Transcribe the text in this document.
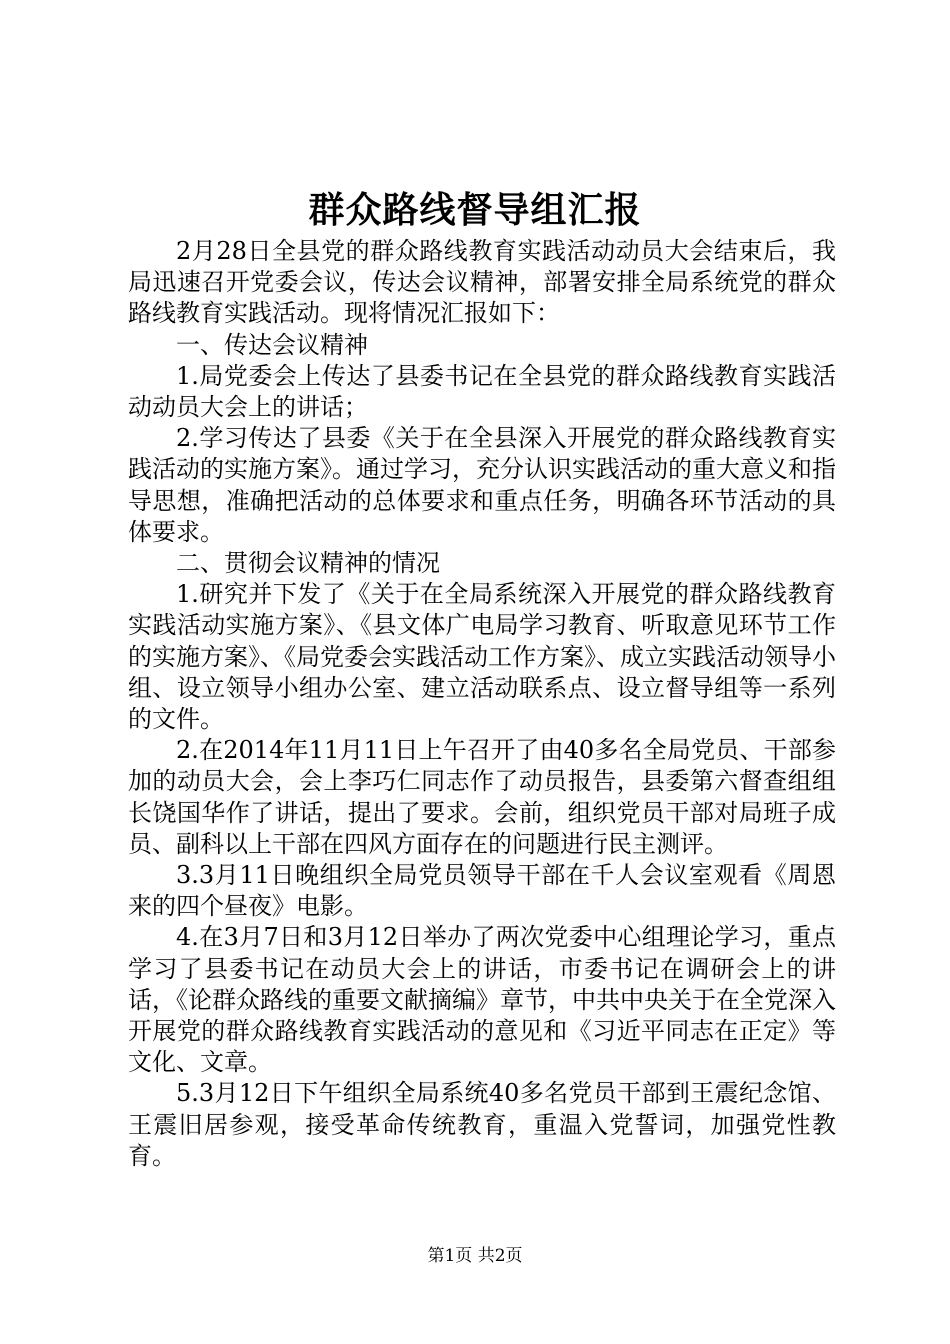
群众路线督导组汇报

2月28日全县党的群众路线教育实践活动动员大会结束后，我局迅速召开党委会议，传达会议精神，部署安排全局系统党的群众路线教育实践活动。现将情况汇报如下：

一、传达会议精神

1.局党委会上传达了县委书记在全县党的群众路线教育实践活动动员大会上的讲话；

2.学习传达了县委《关于在全县深入开展党的群众路线教育实践活动的实施方案》。通过学习，充分认识实践活动的重大意义和指导思想，准确把活动的总体要求和重点任务，明确各环节活动的具体要求。

二、贯彻会议精神的情况

1.研究并下发了《关于在全局系统深入开展党的群众路线教育实践活动实施方案》、《县文体广电局学习教育、听取意见环节工作的实施方案》、《局党委会实践活动工作方案》、成立实践活动领导小组、设立领导小组办公室、建立活动联系点、设立督导组等一系列的文件。

2.在2014年11月11日上午召开了由40多名全局党员、干部参加的动员大会，会上李巧仁同志作了动员报告，县委第六督查组组长饶国华作了讲话，提出了要求。会前，组织党员干部对局班子成员、副科以上干部在四风方面存在的问题进行民主测评。

3.3月11日晚组织全局党员领导干部在千人会议室观看《周恩来的四个昼夜》电影。

4.在3月7日和3月12日举办了两次党委中心组理论学习，重点学习了县委书记在动员大会上的讲话，市委书记在调研会上的讲话，《论群众路线的重要文献摘编》章节，中共中央关于在全党深入开展党的群众路线教育实践活动的意见和《习近平同志在正定》等文化、文章。

5.3月12日下午组织全局系统40多名党员干部到王震纪念馆、王震旧居参观，接受革命传统教育，重温入党誓词，加强党性教育。

第1页 共2页
